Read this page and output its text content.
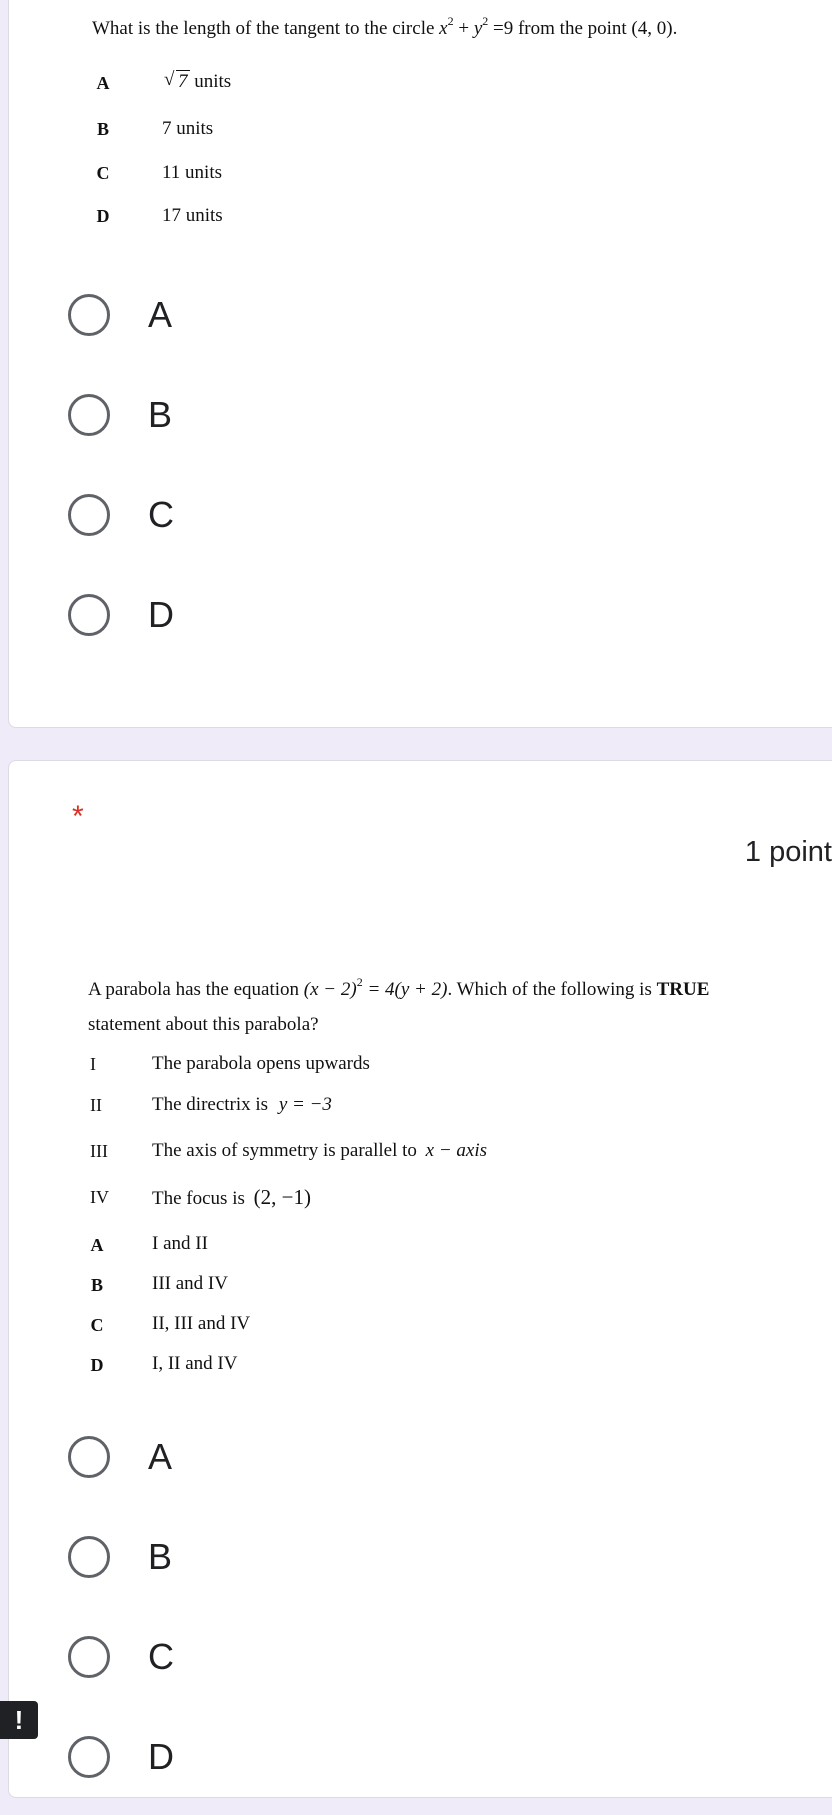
What is the length of the tangent to the circle $x^2 + y^2 =9$ from the point (4, 0).
A	√ 7 units
B	7 units
C	11 units
D	17 units
A
B
C
D
*
1 point
A parabola has the equation $(x - 2)^2 = 4(y + 2)$. Which of the following is TRUE
statement about this parabola?
I	The parabola opens upwards
II	The directrix is y = −3
III	The axis of symmetry is parallel to x − axis
IV	The focus is (2, −1)
A	I and II
B	III and IV
C	II, III and IV
D	I, II and IV
A
B
C
D
!
